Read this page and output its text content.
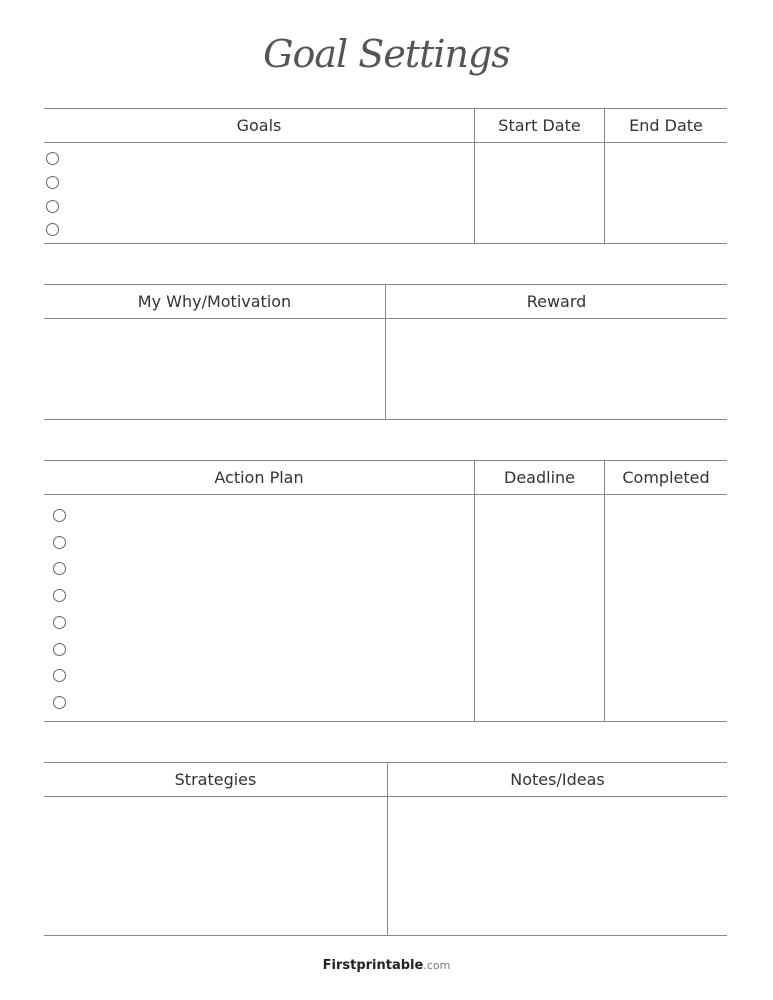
Goal Settings
Goals	Start Date	End Date
My Why/Motivation	Reward
Action Plan	Deadline	Completed
Strategies	Notes/Ideas
Firstprintable.com
